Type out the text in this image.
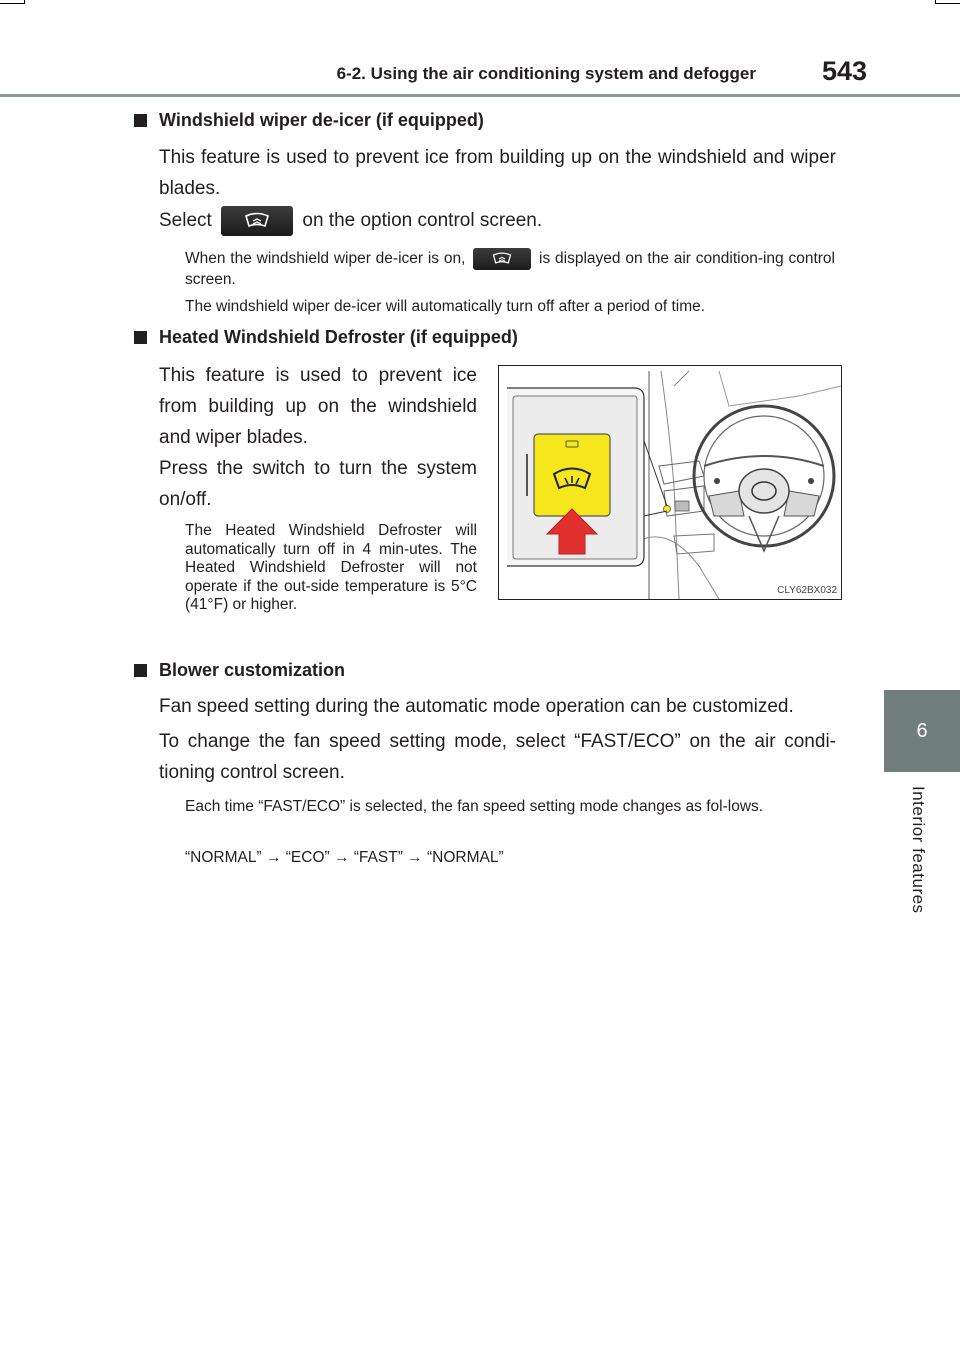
6-2. Using the air conditioning system and defogger 543
6
Interior features
Windshield wiper de-icer (if equipped)
This feature is used to prevent ice from building up on the windshield and wiper blades.
Select	on the option control screen.
When the windshield wiper de-icer is on,	is displayed on the air condition-ing control screen.
The windshield wiper de-icer will automatically turn off after a period of time.
Heated Windshield Defroster (if equipped)
This feature is used to prevent ice from building up on the windshield and wiper blades.
Press the switch to turn the system on/off.
The Heated Windshield Defroster will automatically turn off in 4 min-utes. The Heated Windshield Defroster will not operate if the out-side temperature is 5°C (41°F) or higher.
CLY62BX032
Blower customization
Fan speed setting during the automatic mode operation can be customized.
To change the fan speed setting mode, select “FAST/ECO” on the air condi-tioning control screen.
Each time “FAST/ECO” is selected, the fan speed setting mode changes as fol-lows.
“NORMAL” → “ECO” → “FAST” → “NORMAL”
